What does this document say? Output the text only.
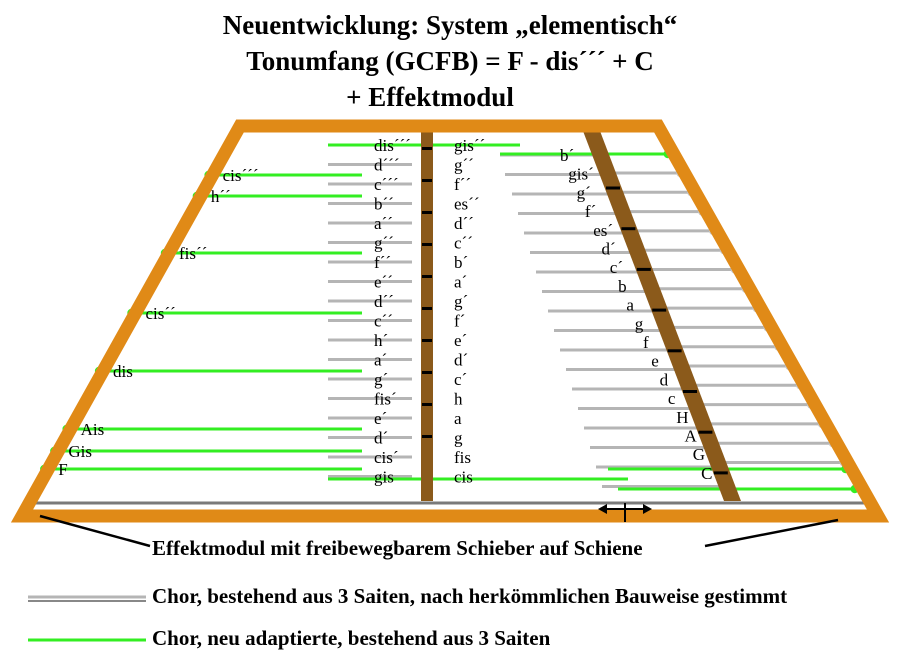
Neuentwicklung: System „elementisch“
Tonumfang (GCFB) = F - dis´´´ + C
+ Effektmodul
cis´´´
h´´
fis´´
cis´´
dis
Ais
Gis
F
dis´´´
d´´´
c´´´
b´´
a´´
g´´
f´´
e´´
d´´
c´´
h´
a´
g´
fis´
e´
d´
cis´
gis
gis´´
g´´
f´´
es´´
d´´
c´´
b´
a´
g´
f´
e´
d´
c´
h
a
g
fis
cis
b´
gis´
g´
f´
es´
d´
c´
b
a
g
f
e
d
c
H
A
G
C
Effektmodul mit freibewegbarem Schieber auf Schiene
Chor, bestehend aus 3 Saiten, nach herkömmlichen Bauweise gestimmt
Chor, neu adaptierte, bestehend aus 3 Saiten
